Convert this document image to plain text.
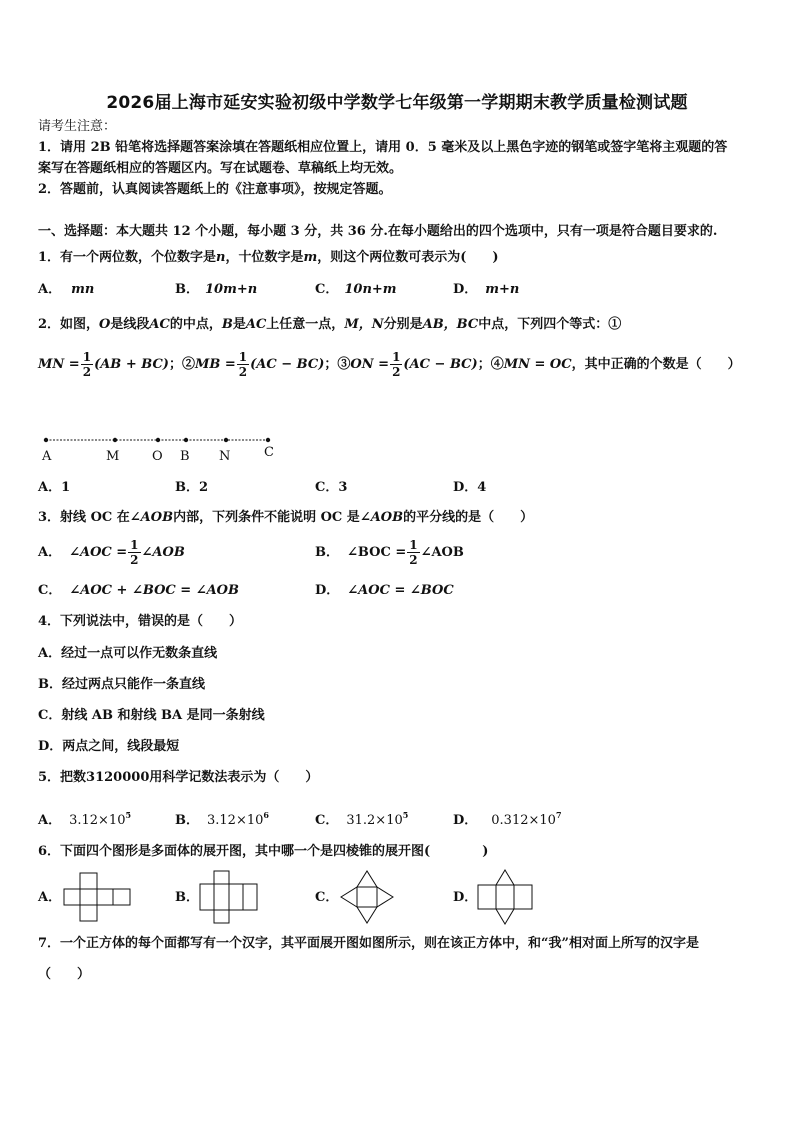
2026届上海市延安实验初级中学数学七年级第一学期期末教学质量检测试题
请考生注意：
1．请用 2B 铅笔将选择题答案涂填在答题纸相应位置上，请用 0．5 毫米及以上黑色字迹的钢笔或签字笔将主观题的答
案写在答题纸相应的答题区内。写在试题卷、草稿纸上均无效。
2．答题前，认真阅读答题纸上的《注意事项》，按规定答题。
一、选择题：本大题共 12 个小题，每小题 3 分，共 36 分.在每小题给出的四个选项中，只有一项是符合题目要求的.
1．有一个两位数，个位数字是n，十位数字是m，则这个两位数可表示为(　　)
A． mn	B． 10m+n	C． 10n+m	D． m+n
2．如图，O是线段AC的中点，B是AC上任意一点，M，N分别是AB，BC中点，下列四个等式：①
MN = $\frac{1}{2} (AB + BC)$；②MB = $\frac{1}{2} (AC - BC)$；③ON = $\frac{1}{2} (AC - BC)$；④MN = OC，其中正确的个数是（　　）
A	M	O B N	C
A．1	B．2	C．3	D．4
3．射线 OC 在∠AOB内部，下列条件不能说明 OC 是∠AOB的平分线的是（　　）
A． ∠AOC = $\frac{1}{2}$ ∠AOB	B． ∠BOC = $\frac{1}{2}$ ∠AOB
C． ∠AOC + ∠BOC = ∠AOB	D． ∠AOC = ∠BOC
4．下列说法中，错误的是（　　）
A．经过一点可以作无数条直线
B．经过两点只能作一条直线
C．射线 AB 和射线 BA 是同一条射线
D．两点之间，线段最短
5．把数3120000用科学记数法表示为（　　）
A． $3.12\times 10^5$	B． $3.12\times 10^6$	C． $31.2\times 10^5$	D． $0.312\times 10^7$
6．下面四个图形是多面体的展开图，其中哪一个是四棱锥的展开图(　　　　)
A．	B．	C．	D．
7．一个正方体的每个面都写有一个汉字，其平面展开图如图所示，则在该正方体中，和“我”相对面上所写的汉字是
（　　）
